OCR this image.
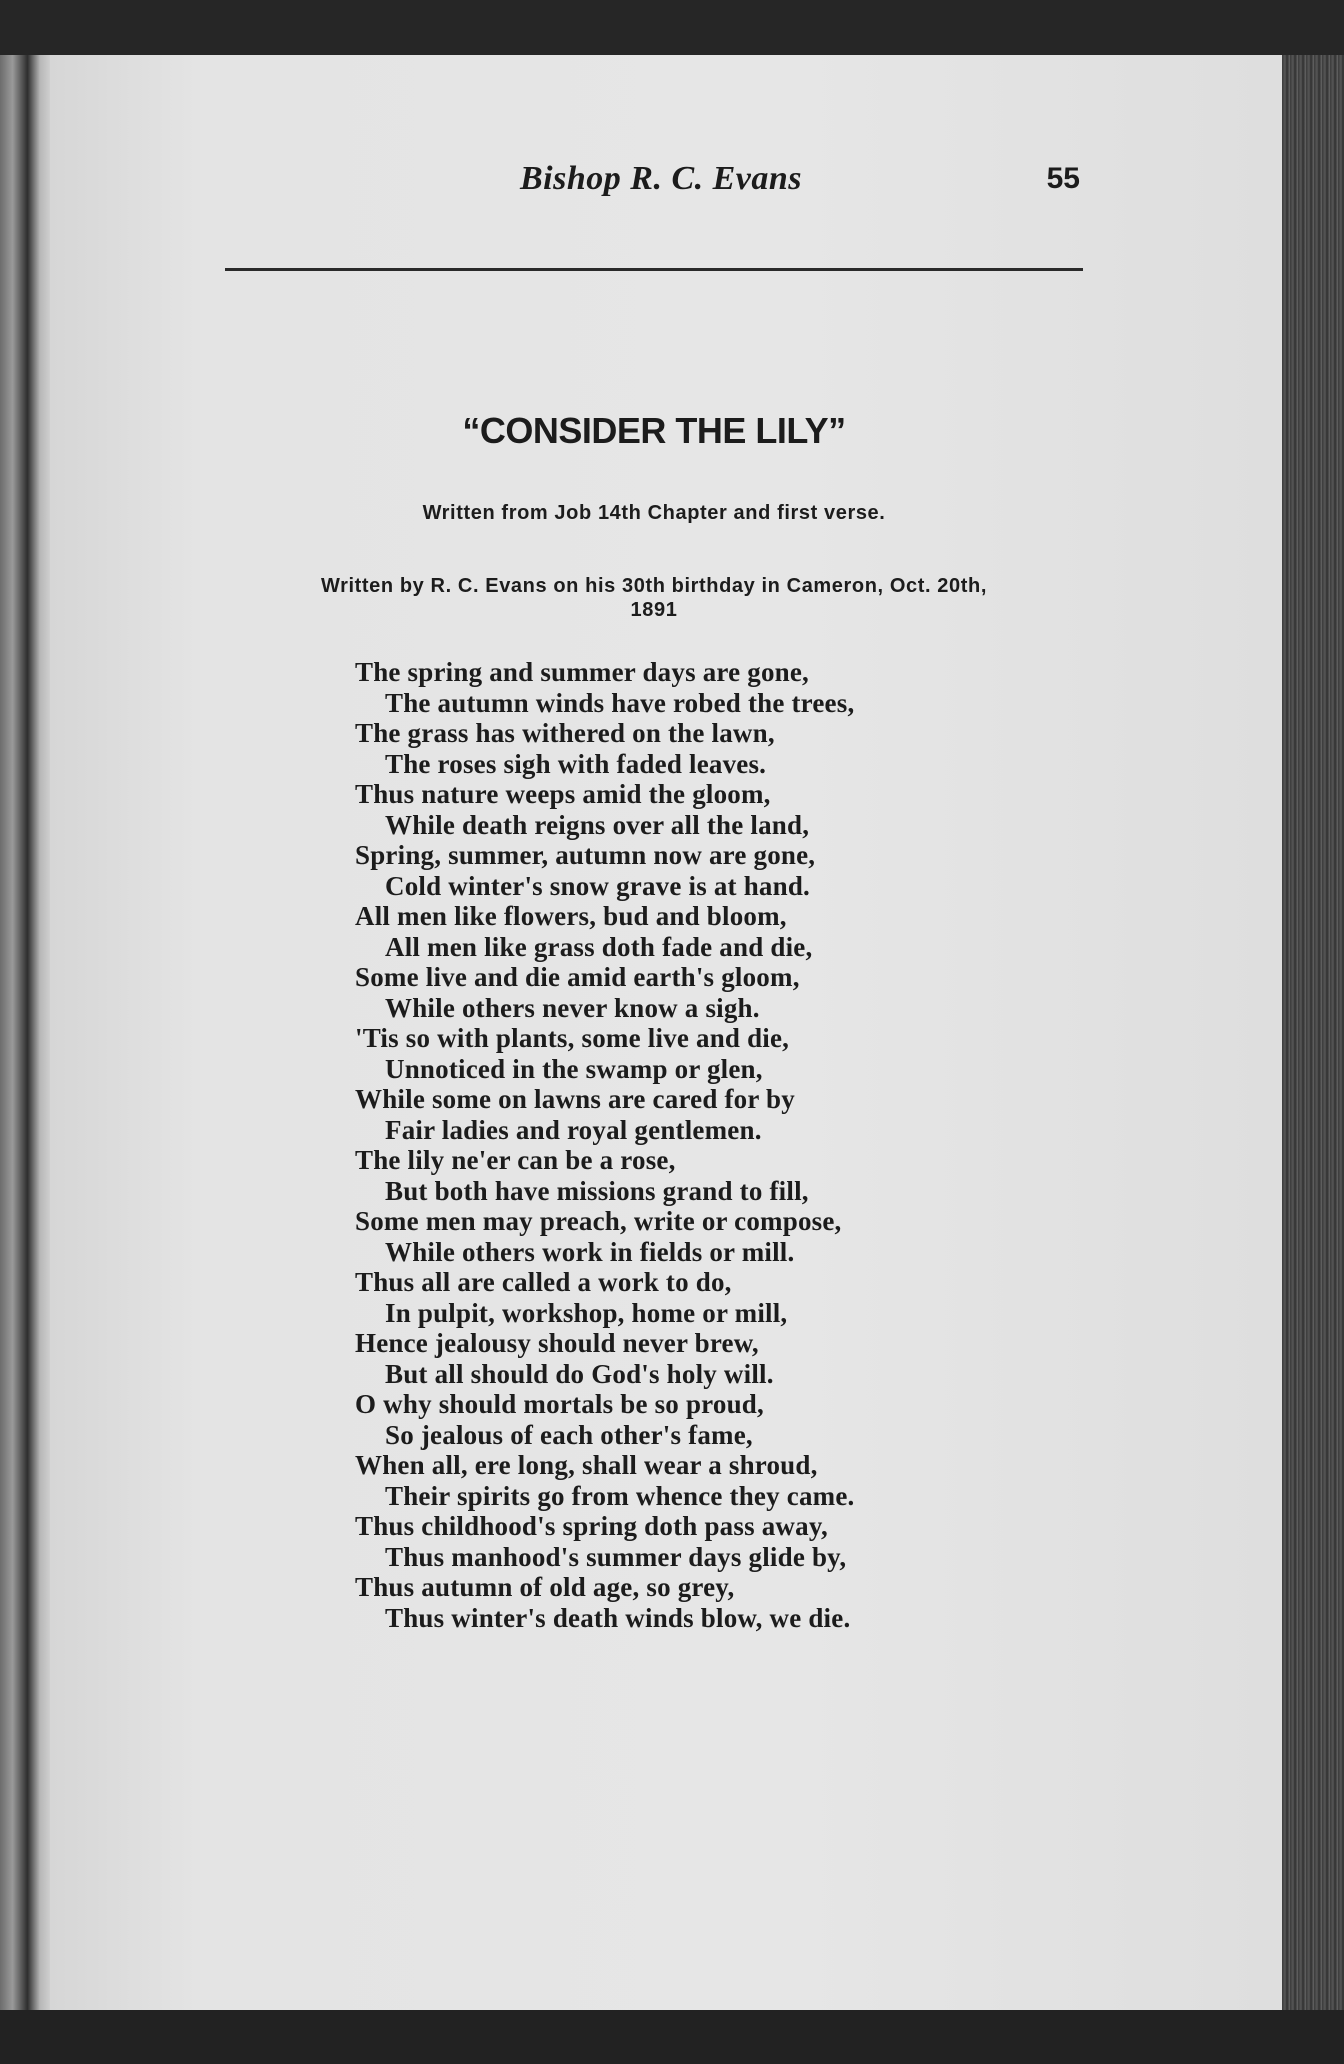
Bishop R. C. Evans	55
“CONSIDER THE LILY”
Written from Job 14th Chapter and first verse.
Written by R. C. Evans on his 30th birthday in Cameron, Oct. 20th,
1891
The spring and summer days are gone,
The autumn winds have robed the trees,
The grass has withered on the lawn,
The roses sigh with faded leaves.
Thus nature weeps amid the gloom,
While death reigns over all the land,
Spring, summer, autumn now are gone,
Cold winter's snow grave is at hand.
All men like flowers, bud and bloom,
All men like grass doth fade and die,
Some live and die amid earth's gloom,
While others never know a sigh.
'Tis so with plants, some live and die,
Unnoticed in the swamp or glen,
While some on lawns are cared for by
Fair ladies and royal gentlemen.
The lily ne'er can be a rose,
But both have missions grand to fill,
Some men may preach, write or compose,
While others work in fields or mill.
Thus all are called a work to do,
In pulpit, workshop, home or mill,
Hence jealousy should never brew,
But all should do God's holy will.
O why should mortals be so proud,
So jealous of each other's fame,
When all, ere long, shall wear a shroud,
Their spirits go from whence they came.
Thus childhood's spring doth pass away,
Thus manhood's summer days glide by,
Thus autumn of old age, so grey,
Thus winter's death winds blow, we die.
